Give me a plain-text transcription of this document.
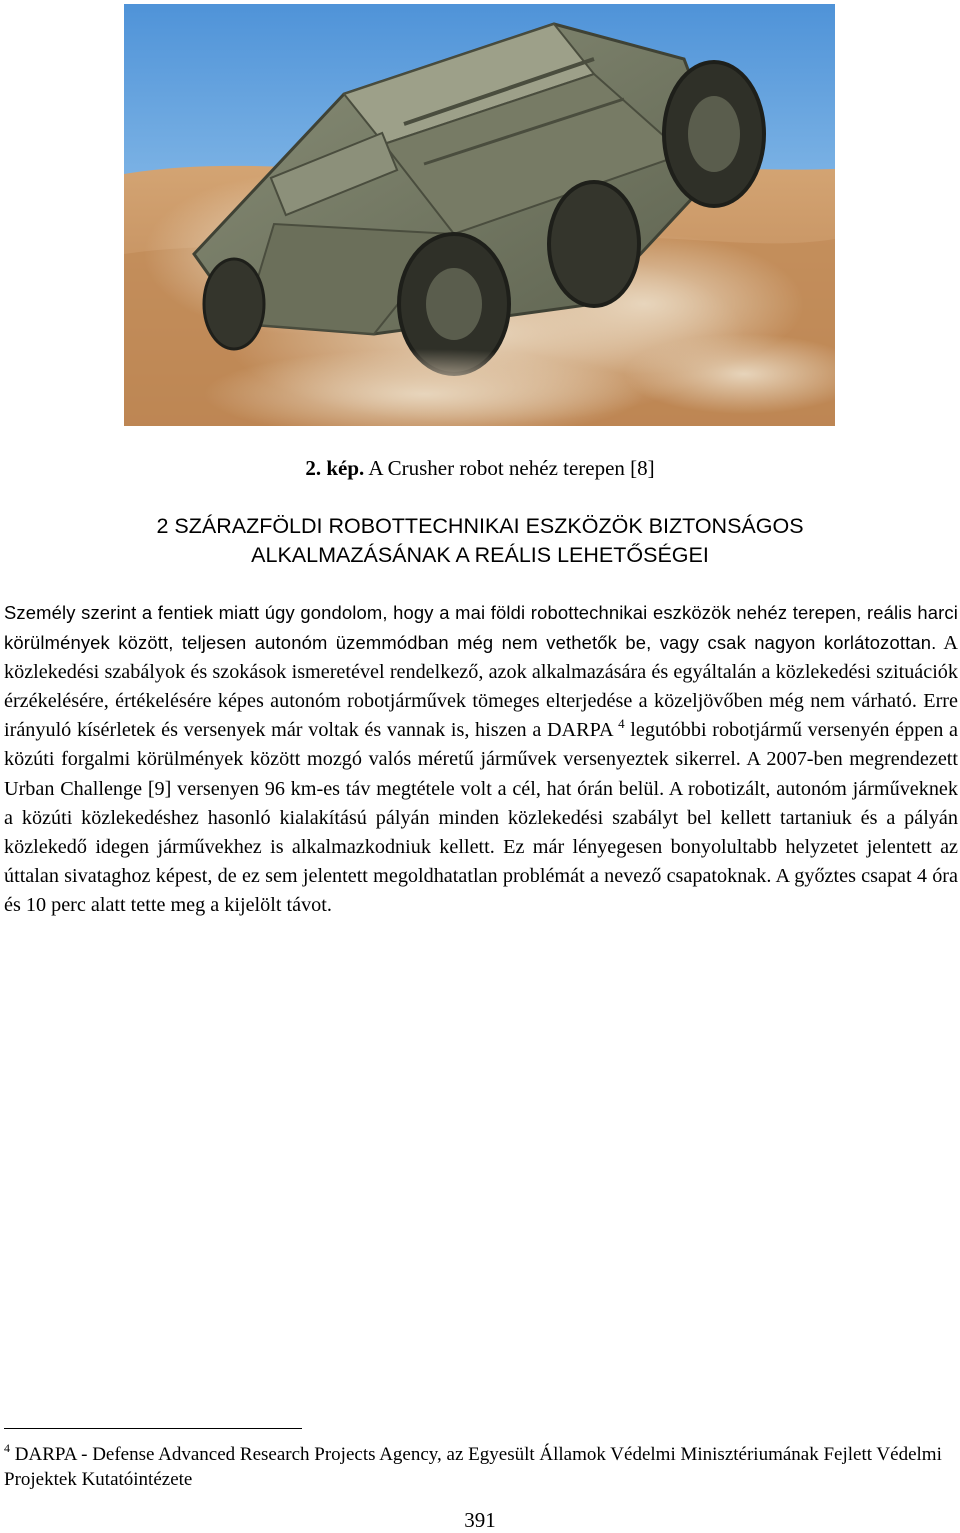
2. kép. A Crusher robot nehéz terepen [8]
2 SZÁRAZFÖLDI ROBOTTECHNIKAI ESZKÖZÖK BIZTONSÁGOS
ALKALMAZÁSÁNAK A REÁLIS LEHETŐSÉGEI

Személy szerint a fentiek miatt úgy gondolom, hogy a mai földi robottechnikai eszközök nehéz terepen, reális harci körülmények között, teljesen autonóm üzemmódban még nem vethetők be, vagy csak nagyon korlátozottan. A közlekedési szabályok és szokások ismeretével rendelkező, azok alkalmazására és egyáltalán a közlekedési szituációk érzékelésére, értékelésére képes autonóm robotjárművek tömeges elterjedése a közeljövőben még nem várható. Erre irányuló kísérletek és versenyek már voltak és vannak is, hiszen a DARPA $^4$ legutóbbi robotjármű versenyén éppen a közúti forgalmi körülmények között mozgó valós méretű járművek versenyeztek sikerrel. A 2007-ben megrendezett Urban Challenge [9] versenyen 96 km-es táv megtétele volt a cél, hat órán belül. A robotizált, autonóm járműveknek a közúti közlekedéshez hasonló kialakítású pályán minden közlekedési szabályt bel kellett tartaniuk és a pályán közlekedő idegen járművekhez is alkalmazkodniuk kellett. Ez már lényegesen bonyolultabb helyzetet jelentett az úttalan sivataghoz képest, de ez sem jelentett megoldhatatlan problémát a nevező csapatoknak. A győztes csapat 4 óra és 10 perc alatt tette meg a kijelölt távot.

$^4$ DARPA - Defense Advanced Research Projects Agency, az Egyesült Államok Védelmi Minisztériumának Fejlett Védelmi Projektek Kutatóintézete
391
